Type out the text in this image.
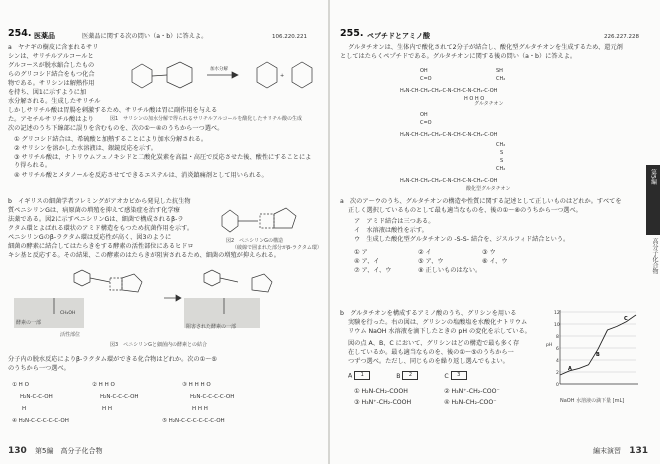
254. 医薬品	医薬品に関する次の問い（a・b）に答えよ。	106.220.221
a　ヤナギの樹皮に含まれるサリ
シンは、サリチルアルコールと
グルコースが脱水縮合したもの
らのグリコシド結合をもつ化合
物である。サリシンは解熱作用
を持ち、図1に示すように加
水分解される。生成したサリチル
しかしサリチル酸は胃腸を刺激するため、サリチル酸は胃に副作用を与える
た。アセチルサリチル酸はより
次の記述のうち下線部に誤りを含むものを、次の①～④のうちから一つ選べ。
加水分解
+
図1　サリシンの加水分解で得られるサリチルアルコールを酸化したサリチル酸の生成
① グリコシド結合は、希硫酸と加熱することにより加水分解される。
② サリシンを溶かした水溶液は、銀鏡反応を示す。
③ サリチル酸は、ナトリウムフェノキシドと二酸化炭素を高温・高圧で反応させた後、酸性にすることにより得られる。
④ サリチル酸とメタノールを反応させてできるエステルは、消炎鎮痛剤として用いられる。
b　イギリスの細菌学者フレミングがアオカビから発見した抗生物
質ペニシリンGは、病原菌の増殖を抑えて感染症を治す化学療
法薬である。図2に示すペニシリンGは、細菌で構成されるβ-ラ
クタム環とよばれる環状のアミド構造をもつため抗菌作用を示す。
ペニシリンGのβ-ラクタム環は反応性が高く、図3のように
細菌の酵素に結合してはたらきをする酵素の活性部位にあるヒドロ
キシ基と反応する。その結果、この酵素のはたらきが阻害されるため、細菌の増殖が抑えられる。
図2　ペニシリンGの構造
（破線で囲まれた部分がβ-ラクタム環）
CH₂OH
酵素の一部
活性部位
阻害された酵素の一部
図3　ペニシリンGと細菌内の酵素との結合
分子内の脱水反応によりβ-ラクタム環ができる化合物はどれか。次の①～⑤
のうちから一つ選べ。
① H O
H₂N-C-C-OH
H
② H H O
H₂N-C-C-C-OH
H H
③ H H H O
H₂N-C-C-C-C-OH
H H H
④ H₂N-C-C-C-C-C-OH	⑤ H₂N-C-C-C-C-C-C-OH
130 第5編　高分子化合物
255. ペプチドとアミノ酸	226.227.228
グルタチオンは、生体内で酸化されて2分子が結合し、酸化型グルタチオンを生成するため、還元剤
としてはたらくペプチドである。グルタチオンに関する後の問い（a・b）に答えよ。
OH	SH
C=O	CH₂
H₂N-CH-CH₂-CH₂-C-N-CH-C-N-CH₂-C-OH
H O H O
グルタチオン
OH
C=O
H₂N-CH-CH₂-CH₂-C-N-CH-C-N-CH₂-C-OH
CH₂
S
S
CH₂
H₂N-CH-CH₂-CH₂-C-N-CH-C-N-CH₂-C-OH
酸化型グルタチオン
a　次のア～ウのうち、グルタチオンの構造や性質に関する記述として正しいものはどれか。すべてを
正しく選択しているものとして最も適当なものを、後の①～⑧のうちから一つ選べ。
ア　アミド結合は三つある。
イ　水溶液は酸性を示す。
ウ　生成した酸化型グルタチオンの -S-S- 結合を、ジスルフィド結合という。
① ア	② イ	③ ウ
④ ア、イ	⑤ ア、ウ	⑥ イ、ウ
⑦ ア、イ、ウ	⑧ 正しいものはない。
b　グルタチオンを構成するアミノ酸のうち、グリシンを用いる
実験を行った。右の図は、グリシンの塩酸塩を水酸化ナトリウム
リウム NaOH 水溶液を滴下したときの pH の変化を示している。
図の点 A、B、C において、グリシンはどの構造で最も多く存
在しているか。最も適当なものを、後の①～⑤のうちから一
つずつ選べ。ただし、同じものを繰り返し選んでもよい。
A 1	B 2	C 3
① H₂N-CH₂-COOH	② H₃N⁺-CH₂-COO⁻
③ H₃N⁺-CH₂-COOH	④ H₂N-CH₂-COO⁻
12
10
8
6
4
2
0
pH
A
B
C
NaOH 水溶液の滴下量 [mL]
第5編
高分子化合物
編末演習 131
